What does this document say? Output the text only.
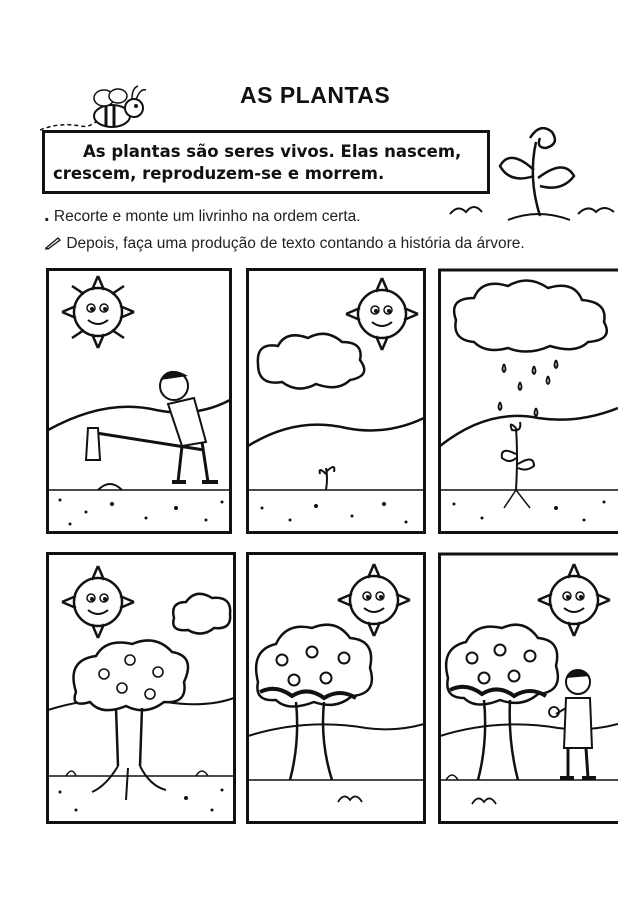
AS PLANTAS
As plantas são seres vivos. Elas nascem,
crescem, reproduzem-se e morrem.
. Recorte e monte um livrinho na ordem certa.
Depois, faça uma produção de texto contando a história da árvore.
